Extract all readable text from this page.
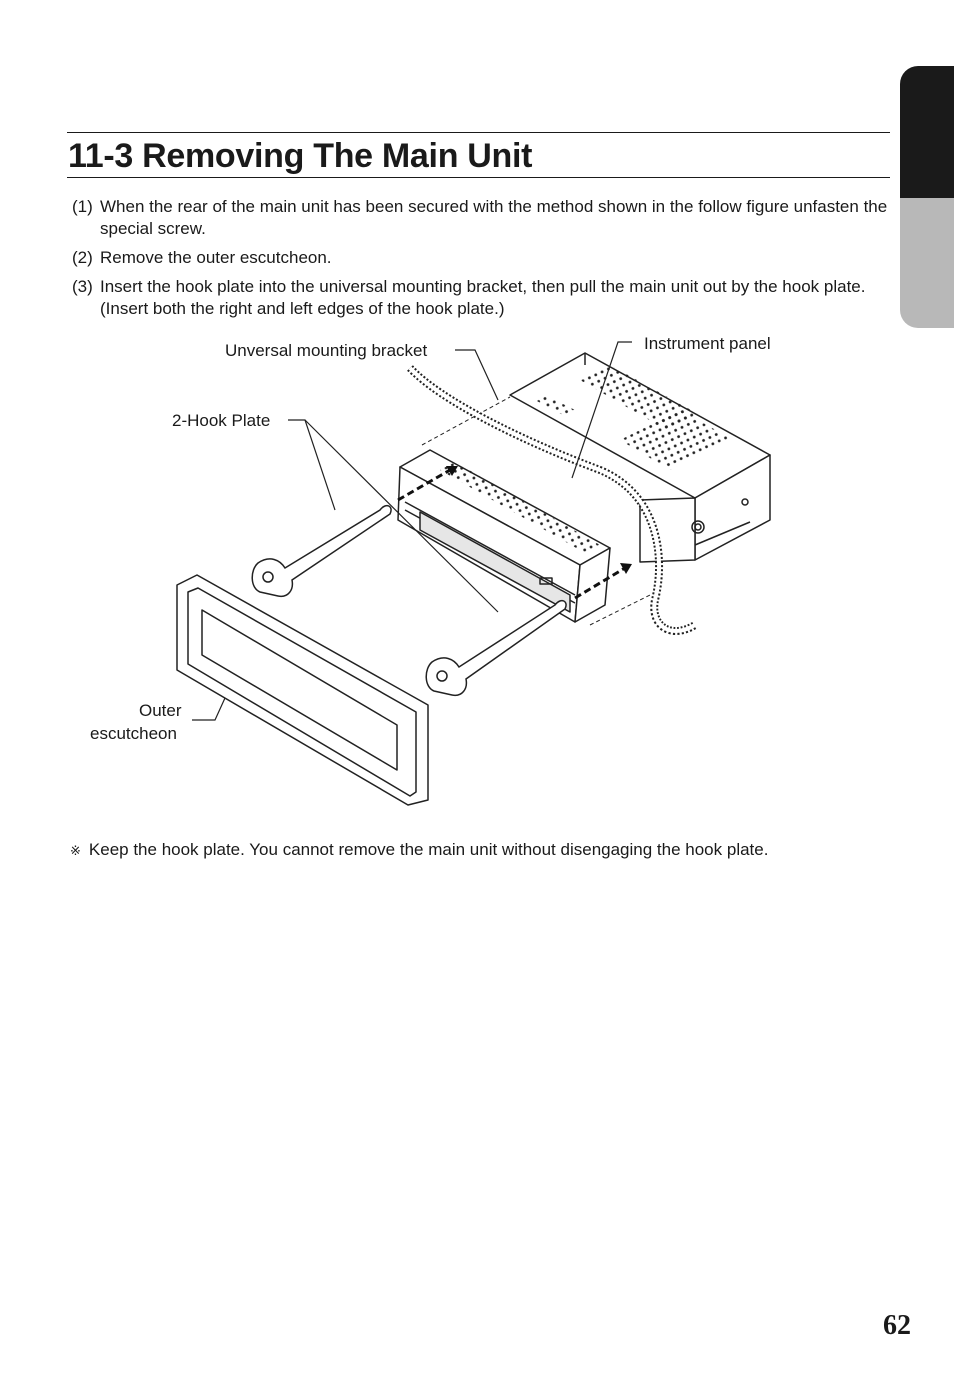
11-3 Removing The Main Unit
(1) When the rear of the main unit has been secured with the method shown in the follow figure unfasten the special screw.
(2) Remove the outer escutcheon.
(3) Insert the hook plate into the universal mounting bracket, then pull the main unit out by the hook plate. (Insert both the right and left edges of the hook plate.)
Unversal mounting bracket	Instrument panel
2-Hook Plate
Outer
escutcheon
※ Keep the hook plate. You cannot remove the main unit without disengaging the hook plate.
62
